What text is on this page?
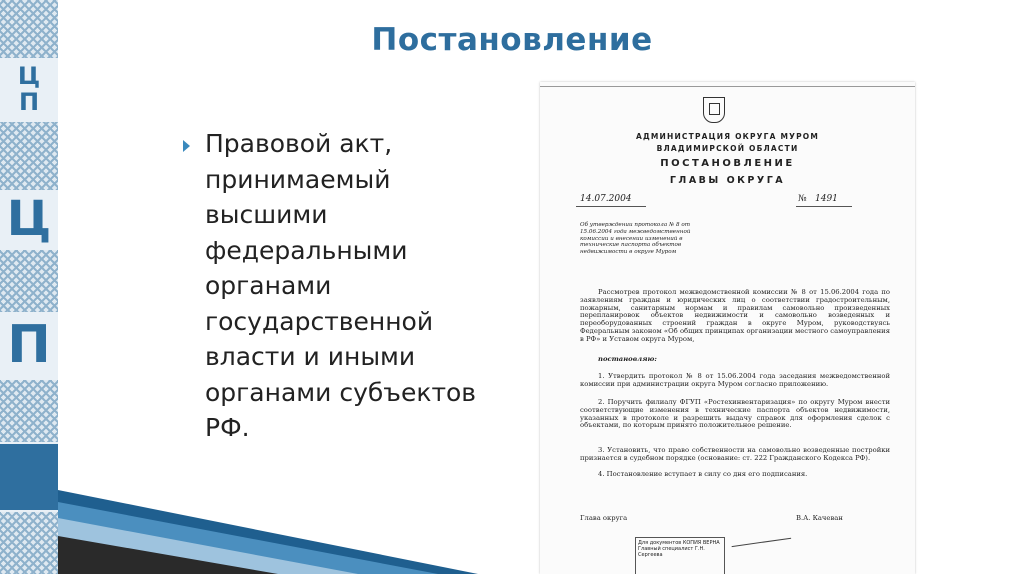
Ц
П
Ц
П
Постановление
Правовой акт, принимаемый высшими федеральными органами государственной власти и иными органами субъектов РФ.
АДМИНИСТРАЦИЯ ОКРУГА МУРОМ
ВЛАДИМИРСКОЙ ОБЛАСТИ
ПОСТАНОВЛЕНИЕ
ГЛАВЫ ОКРУГА
14.07.2004	№ 1491
Об утверждении протокола № 8 от 15.06.2004 года межведомственной комиссии и внесении изменений в технические паспорта объектов недвижимости в округе Муром
Рассмотрев протокол межведомственной комиссии № 8 от 15.06.2004 года по заявлениям граждан и юридических лиц о соответствии градостроительным, пожарным, санитарным нормам и правилам самовольно произведенных перепланировок объектов недвижимости и самовольно возведенных и переоборудованных строений граждан в округе Муром, руководствуясь Федеральным законом «Об общих принципах организации местного самоуправления в РФ» и Уставом округа Муром,
постановляю:
1. Утвердить протокол № 8 от 15.06.2004 года заседания межведомственной комиссии при администрации округа Муром согласно приложению.
2. Поручить филиалу ФГУП «Ростехинвентаризация» по округу Муром внести соответствующие изменения в технические паспорта объектов недвижимости, указанных в протоколе и разрешить выдачу справок для оформления сделок с объектами, по которым принято положительное решение.
3. Установить, что право собственности на самовольно возведенные постройки признается в судебном порядке (основание: ст. 222 Гражданского Кодекса РФ).
4. Постановление вступает в силу со дня его подписания.
Глава округа	В.А. Качеван
Для документов КОПИЯ ВЕРНА Главный специалист Г.Н. Сергеева
